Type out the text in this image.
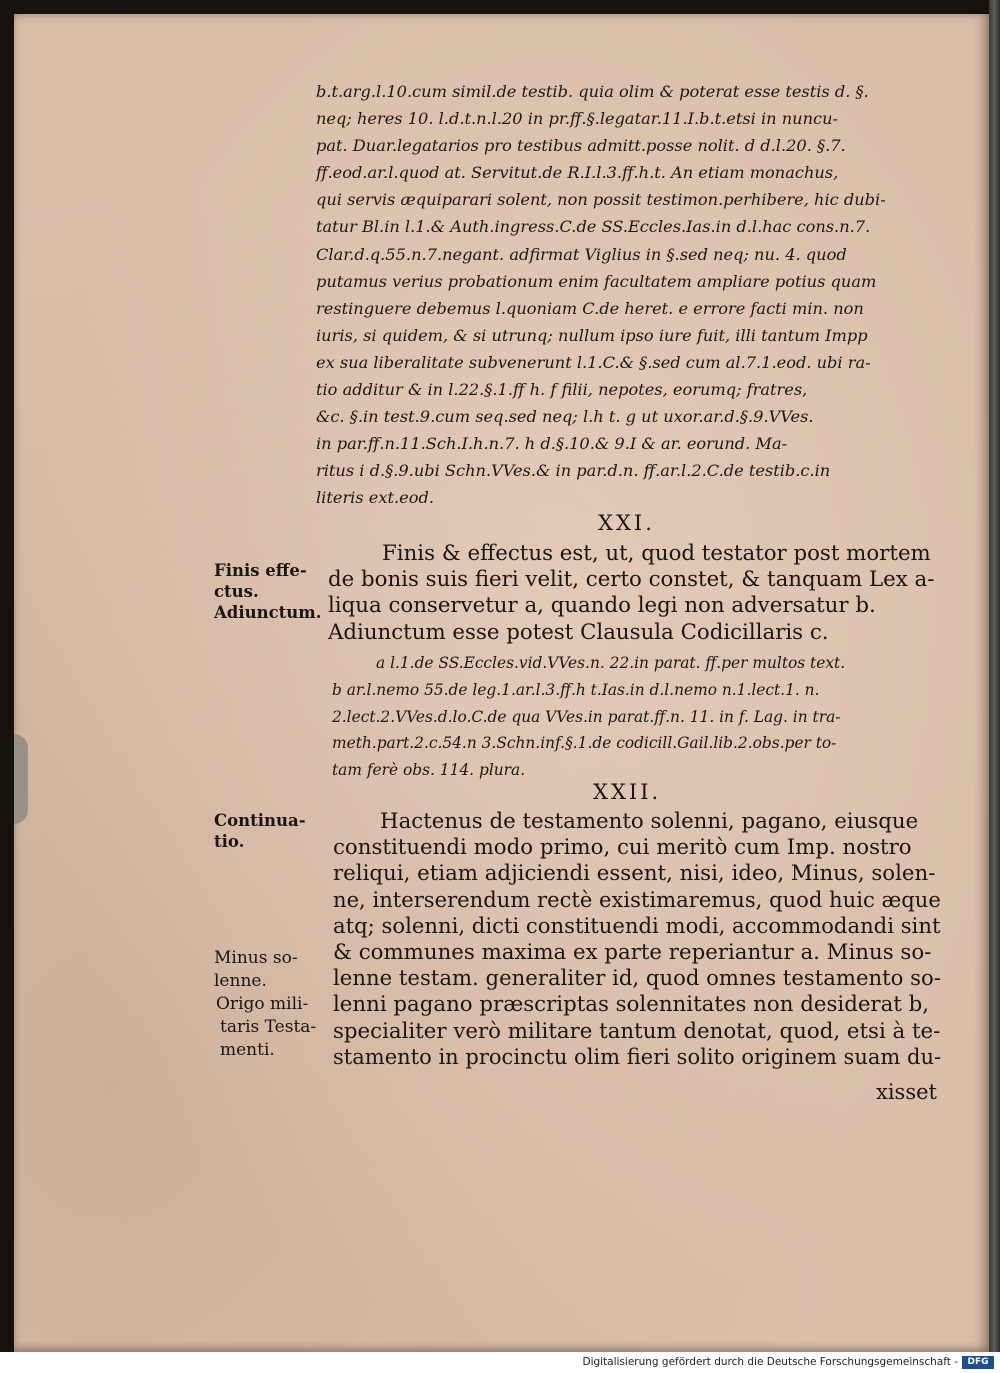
f
b.t.arg.l.10.cum simil.de testib. quia olim & poterat esse testis d. §.
neq; heres 10. l.d.t.n.l.20 in pr.ff.§.legatar.11.I.b.t.etsi in nuncu-
pat. Duar.legatarios pro testibus admitt.posse nolit. d d.l.20. §.7.
ff.eod.ar.l.quod at. Servitut.de R.I.l.3.ff.h.t. An etiam monachus,
qui servis æquiparari solent, non possit testimon.perhibere, hic dubi-
tatur Bl.in l.1.& Auth.ingress.C.de SS.Eccles.Ias.in d.l.hac cons.n.7.
Clar.d.q.55.n.7.negant. adfirmat Viglius in §.sed neq; nu. 4. quod
putamus verius probationum enim facultatem ampliare potius quam
restinguere debemus l.quoniam C.de heret. e errore facti min. non
iuris, si quidem, & si utrunq; nullum ipso iure fuit, illi tantum Impp
ex sua liberalitate subvenerunt l.1.C.& §.sed cum al.7.1.eod. ubi ra-
tio additur & in l.22.§.1.ff h. f filii, nepotes, eorumq; fratres,
&c. §.in test.9.cum seq.sed neq; l.h t. g ut uxor.ar.d.§.9.VVes.
in par.ff.n.11.Sch.I.h.n.7. h d.§.10.& 9.I & ar. eorund. Ma-
ritus i d.§.9.ubi Schn.VVes.& in par.d.n. ff.ar.l.2.C.de testib.c.in
literis ext.eod.
XXI.
Finis effe-
ctus.
Adiunctum.
Finis & effectus est, ut, quod testator post mortem
de bonis suis fieri velit, certo constet, & tanquam Lex a-
liqua conservetur a, quando legi non adversatur b.
Adiunctum esse potest Clausula Codicillaris c.
a l.1.de SS.Eccles.vid.VVes.n. 22.in parat. ff.per multos text.
b ar.l.nemo 55.de leg.1.ar.l.3.ff.h t.Ias.in d.l.nemo n.1.lect.1. n.
2.lect.2.VVes.d.lo.C.de qua VVes.in parat.ff.n. 11. in f. Lag. in tra-
meth.part.2.c.54.n 3.Schn.inf.§.1.de codicill.Gail.lib.2.obs.per to-
tam ferè obs. 114. plura.
XXII.
Continua-
tio.
Minus so-
lenne.
Origo mili-
taris Testa-
menti.
Hactenus de testamento solenni, pagano, eiusque
constituendi modo primo, cui meritò cum Imp. nostro
reliqui, etiam adjiciendi essent, nisi, ideo, Minus, solen-
ne, interserendum rectè existimaremus, quod huic æque
atq; solenni, dicti constituendi modi, accommodandi sint
& communes maxima ex parte reperiantur a. Minus so-
lenne testam. generaliter id, quod omnes testamento so-
lenni pagano præscriptas solennitates non desiderat b,
specialiter verò militare tantum denotat, quod, etsi à te-
stamento in procinctu olim fieri solito originem suam du-
xisset
Digitalisierung gefördert durch die Deutsche Forschungsgemeinschaft -	DFG
